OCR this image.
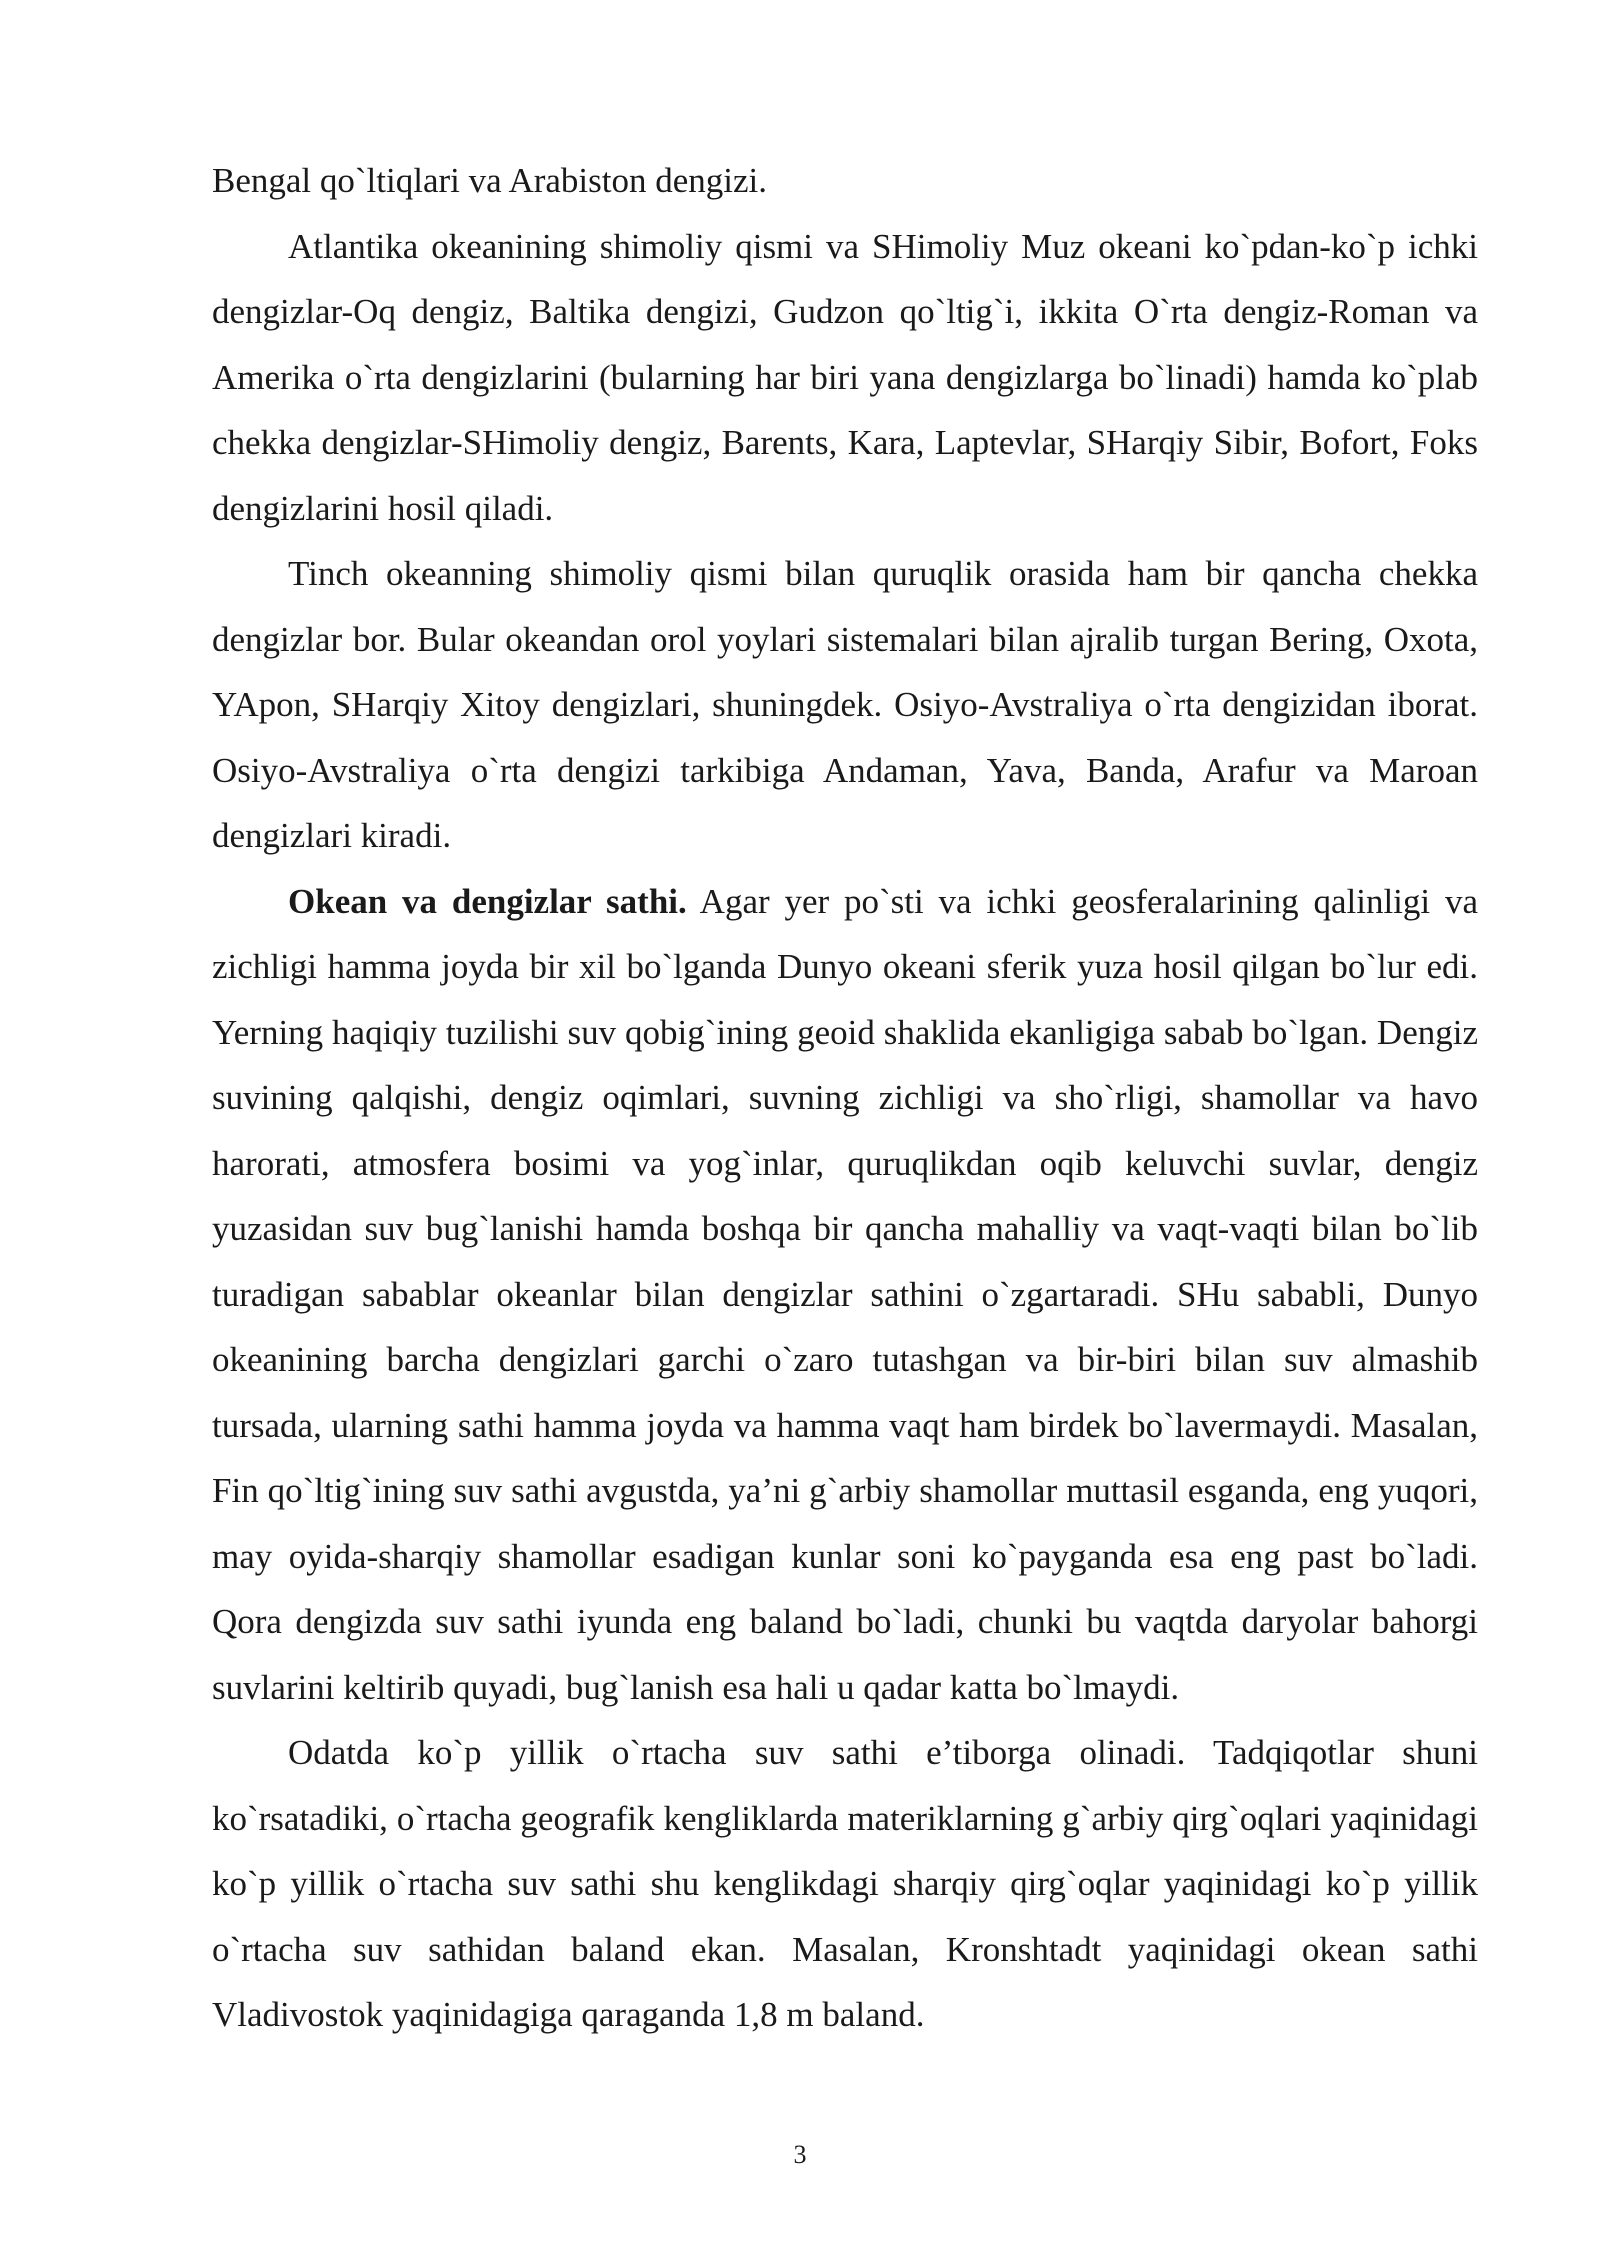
Bengal qo`ltiqlari va Arabiston dengizi.

Atlantika okeanining shimoliy qismi va SHimoliy Muz okeani ko`pdan-ko`p ichki dengizlar-Oq dengiz, Baltika dengizi, Gudzon qo`ltig`i, ikkita O`rta dengiz-Roman va Amerika o`rta dengizlarini (bularning har biri yana dengizlarga bo`linadi) hamda ko`plab chekka dengizlar-SHimoliy dengiz, Barents, Kara, Laptevlar, SHarqiy Sibir, Bofort, Foks dengizlarini hosil qiladi.

Tinch okeanning shimoliy qismi bilan quruqlik orasida ham bir qancha chekka dengizlar bor. Bular okeandan orol yoylari sistemalari bilan ajralib turgan Bering, Oxota, YApon, SHarqiy Xitoy dengizlari, shuningdek. Osiyo-Avstraliya o`rta dengizidan iborat. Osiyo-Avstraliya o`rta dengizi tarkibiga Andaman, Yava, Banda, Arafur va Maroan dengizlari kiradi.

Okean va dengizlar sathi. Agar yer po`sti va ichki geosferalarining qalinligi va zichligi hamma joyda bir xil bo`lganda Dunyo okeani sferik yuza hosil qilgan bo`lur edi. Yerning haqiqiy tuzilishi suv qobig`ining geoid shaklida ekanligiga sabab bo`lgan. Dengiz suvining qalqishi, dengiz oqimlari, suvning zichligi va sho`rligi, shamollar va havo harorati, atmosfera bosimi va yog`inlar, quruqlikdan oqib keluvchi suvlar, dengiz yuzasidan suv bug`lanishi hamda boshqa bir qancha mahalliy va vaqt-vaqti bilan bo`lib turadigan sabablar okeanlar bilan dengizlar sathini o`zgartaradi. SHu sababli, Dunyo okeanining barcha dengizlari garchi o`zaro tutashgan va bir-biri bilan suv almashib tursada, ularning sathi hamma joyda va hamma vaqt ham birdek bo`lavermaydi. Masalan, Fin qo`ltig`ining suv sathi avgustda, ya’ni g`arbiy shamollar muttasil esganda, eng yuqori, may oyida-sharqiy shamollar esadigan kunlar soni ko`payganda esa eng past bo`ladi. Qora dengizda suv sathi iyunda eng baland bo`ladi, chunki bu vaqtda daryolar bahorgi suvlarini keltirib quyadi, bug`lanish esa hali u qadar katta bo`lmaydi.

Odatda ko`p yillik o`rtacha suv sathi e’tiborga olinadi. Tadqiqotlar shuni ko`rsatadiki, o`rtacha geografik kengliklarda materiklarning g`arbiy qirg`oqlari yaqinidagi ko`p yillik o`rtacha suv sathi shu kenglikdagi sharqiy qirg`oqlar yaqinidagi ko`p yillik o`rtacha suv sathidan baland ekan. Masalan, Kronshtadt yaqinidagi okean sathi Vladivostok yaqinidagiga qaraganda 1,8 m baland.

3
